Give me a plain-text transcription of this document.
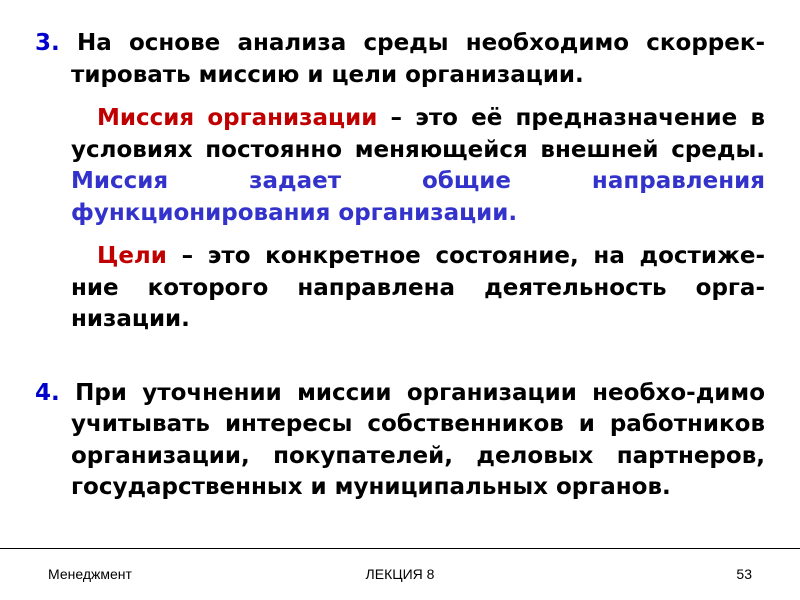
3. На основе анализа среды необходимо скоррек-тировать миссию и цели организации.

Миссия организации – это её предназначение в условиях постоянно меняющейся внешней среды. Миссия задает общие направления функционирования организации.

Цели – это конкретное состояние, на достиже-ние которого направлена деятельность орга-низации.

4. При уточнении миссии организации необхо-димо учитывать интересы собственников и работников организации, покупателей, деловых партнеров, государственных и муниципальных органов.

Менеджмент	ЛЕКЦИЯ 8	53
